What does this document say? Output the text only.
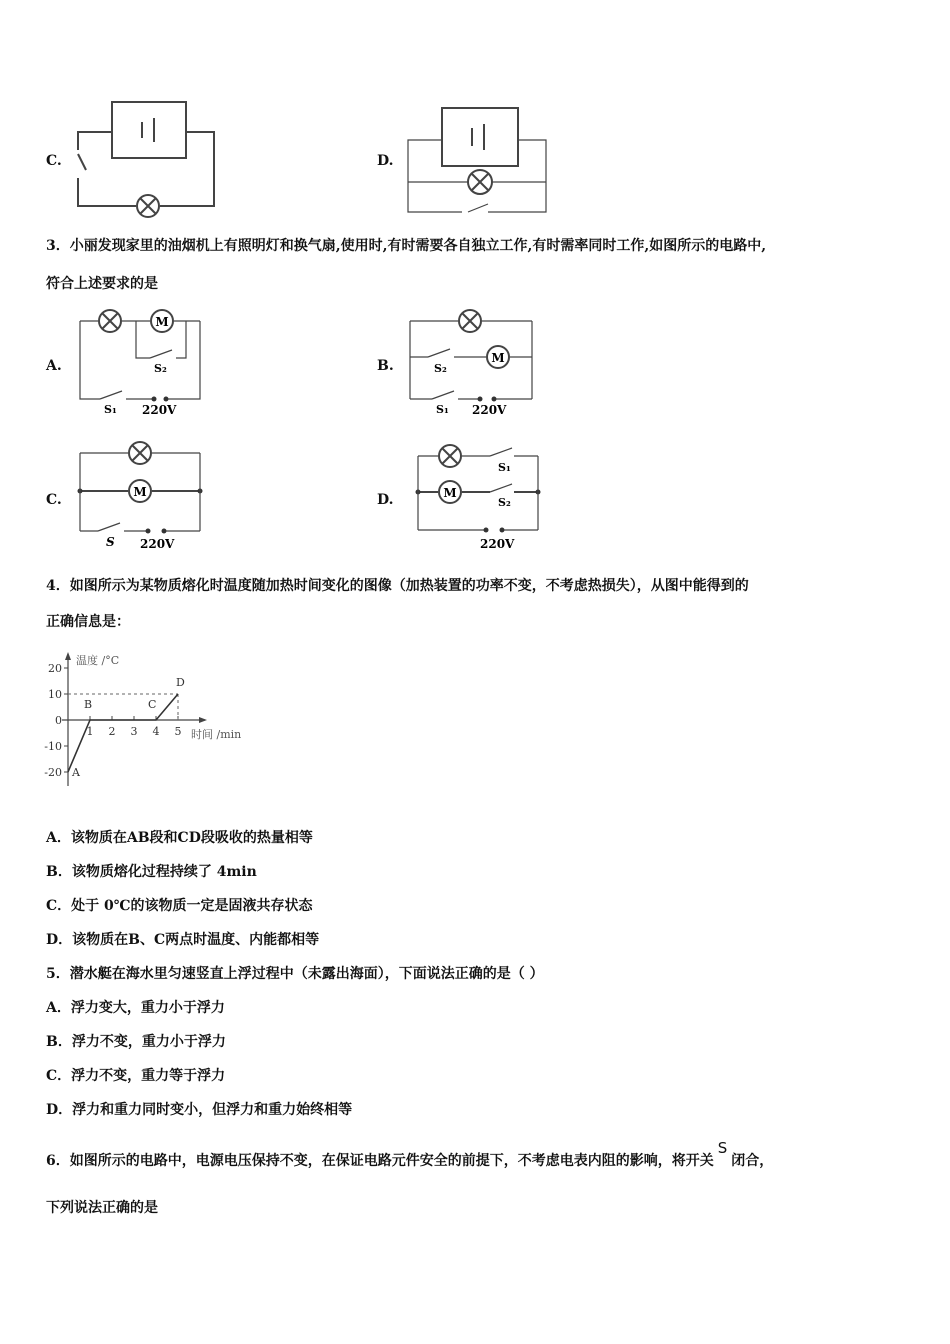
C.	D.
3．小丽发现家里的油烟机上有照明灯和换气扇,使用时,有时需要各自独立工作,有时需率同时工作,如图所示的电路中,
符合上述要求的是
A.
M
S₂
S₁ 220V
B.	M
S₂
S₁ 220V
C.	M
S 220V
D.	M
S₁
S₂
220V
4．如图所示为某物质熔化时温度随加热时间变化的图像（加热装置的功率不变，不考虑热损失），从图中能得到的
正确信息是：
温度 /°C
时间 /min
20
10
0
-10
-20
1 2 3 4 5
A
B	C
D
A．该物质在AB段和CD段吸收的热量相等
B．该物质熔化过程持续了 4min
C．处于 0℃的该物质一定是固液共存状态
D．该物质在B、C两点时温度、内能都相等
5．潜水艇在海水里匀速竖直上浮过程中（未露出海面），下面说法正确的是（ ）
A．浮力变大，重力小于浮力
B．浮力不变，重力小于浮力
C．浮力不变，重力等于浮力
D．浮力和重力同时变小，但浮力和重力始终相等
6．如图所示的电路中，电源电压保持不变，在保证电路元件安全的前提下，不考虑电表内阻的影响，将开关S闭合，
下列说法正确的是
